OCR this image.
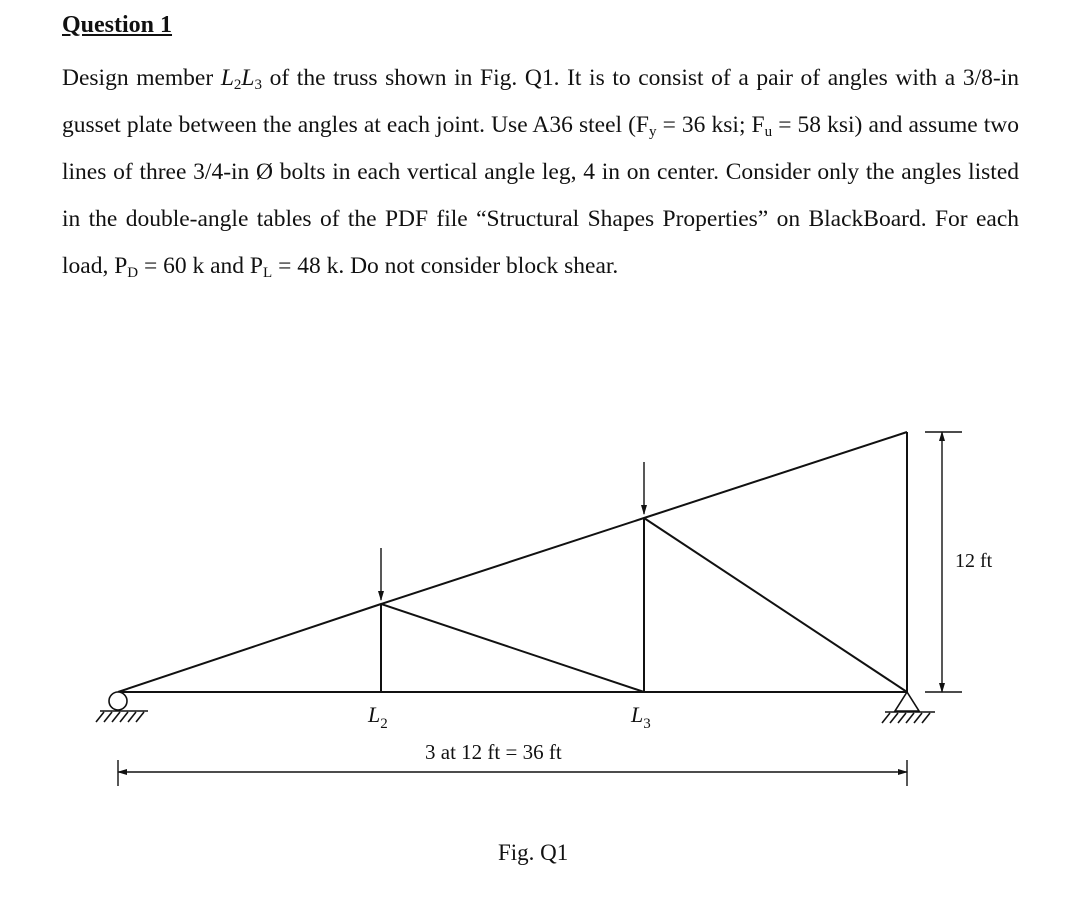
Question 1

Design member $L_2L_3$ of the truss shown in Fig. Q1. It is to consist of a pair of angles with a 3/8-in gusset plate between the angles at each joint. Use A36 steel ($F_y = 36$ ksi; $F_u = 58$ ksi) and assume two lines of three 3/4-in Ø bolts in each vertical angle leg, 4 in on center. Consider only the angles listed in the double-angle tables of the PDF file “Structural Shapes Properties” on BlackBoard. For each load, $P_D = 60$ k and $P_L = 48$ k. Do not consider block shear.

12 ft
3 at 12 ft = 36 ft
$L_2$	$L_3$
Fig. Q1
